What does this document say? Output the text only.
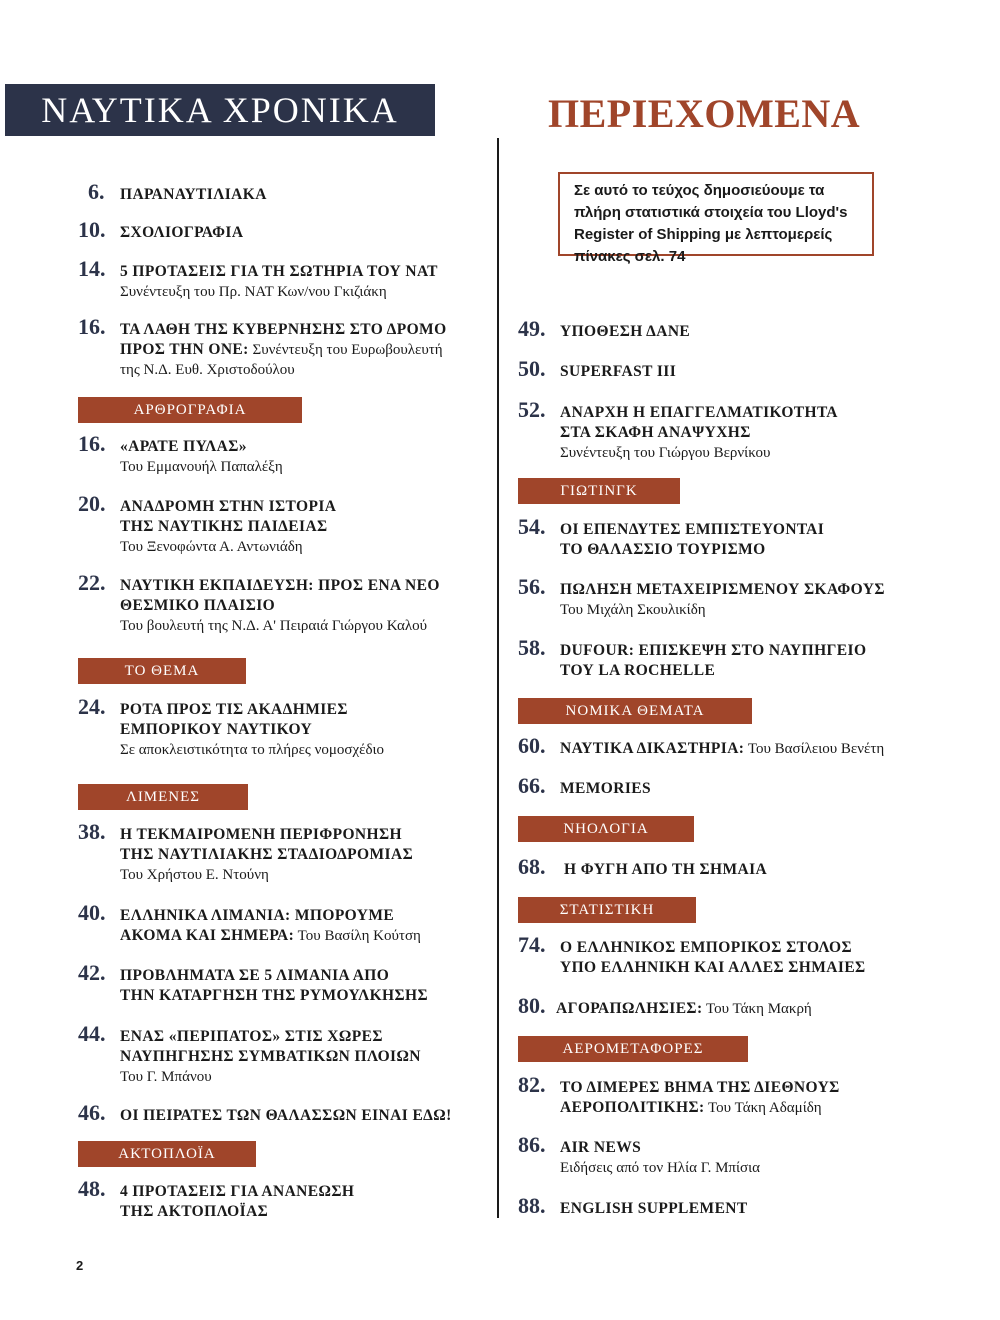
ΝΑΥΤΙΚΑ ΧΡΟΝΙΚΑ	ΠΕΡΙΕΧΟΜΕΝΑ
Σε αυτό το τεύχος δημοσιεύουμε τα πλήρη στατιστικά στοιχεία του Lloyd's Register of Shipping με λεπτομερείς πίνακες σελ. 74
6.	ΠΑΡΑΝΑΥΤΙΛΙΑΚΑ
10. ΣΧΟΛΙΟΓΡΑΦΙΑ
14. 5 ΠΡΟΤΑΣΕΙΣ ΓΙΑ ΤΗ ΣΩΤΗΡΙΑ ΤΟΥ ΝΑΤ
Συνέντευξη του Πρ. ΝΑΤ Κων/νου Γκιζιάκη
16. ΤΑ ΛΑΘΗ ΤΗΣ ΚΥΒΕΡΝΗΣΗΣ ΣΤΟ ΔΡΟΜΟ
ΠΡΟΣ ΤΗΝ ΟΝΕ: Συνέντευξη του Ευρωβουλευτή
της Ν.Δ. Ευθ. Χριστοδούλου
ΑΡΘΡΟΓΡΑΦΙΑ
16. «ΑΡΑΤΕ ΠΥΛΑΣ»
Του Εμμανουήλ Παπαλέξη
20. ΑΝΑΔΡΟΜΗ ΣΤΗΝ ΙΣΤΟΡΙΑ
ΤΗΣ ΝΑΥΤΙΚΗΣ ΠΑΙΔΕΙΑΣ
Του Ξενοφώντα Α. Αντωνιάδη
22. ΝΑΥΤΙΚΗ ΕΚΠΑΙΔΕΥΣΗ: ΠΡΟΣ ΕΝΑ ΝΕΟ
ΘΕΣΜΙΚΟ ΠΛΑΙΣΙΟ
Του βουλευτή της Ν.Δ. Α' Πειραιά Γιώργου Καλού
ΤΟ ΘΕΜΑ
24. ΡΟΤΑ ΠΡΟΣ ΤΙΣ ΑΚΑΔΗΜΙΕΣ
ΕΜΠΟΡΙΚΟΥ ΝΑΥΤΙΚΟΥ
Σε αποκλειστικότητα το πλήρες νομοσχέδιο
ΛΙΜΕΝΕΣ
38. Η ΤΕΚΜΑΙΡΟΜΕΝΗ ΠΕΡΙΦΡΟΝΗΣΗ
ΤΗΣ ΝΑΥΤΙΛΙΑΚΗΣ ΣΤΑΔΙΟΔΡΟΜΙΑΣ
Του Χρήστου Ε. Ντούνη
40. ΕΛΛΗΝΙΚΑ ΛΙΜΑΝΙΑ: ΜΠΟΡΟΥΜΕ
ΑΚΟΜΑ ΚΑΙ ΣΗΜΕΡΑ: Του Βασίλη Κούτση
42. ΠΡΟΒΛΗΜΑΤΑ ΣΕ 5 ΛΙΜΑΝΙΑ ΑΠΟ
ΤΗΝ ΚΑΤΑΡΓΗΣΗ ΤΗΣ ΡΥΜΟΥΛΚΗΣΗΣ
44. ΕΝΑΣ «ΠΕΡΙΠΑΤΟΣ» ΣΤΙΣ ΧΩΡΕΣ
ΝΑΥΠΗΓΗΣΗΣ ΣΥΜΒΑΤΙΚΩΝ ΠΛΟΙΩΝ
Του Γ. Μπάνου
46. ΟΙ ΠΕΙΡΑΤΕΣ ΤΩΝ ΘΑΛΑΣΣΩΝ ΕΙΝΑΙ ΕΔΩ!
ΑΚΤΟΠΛΟΪΑ
48. 4 ΠΡΟΤΑΣΕΙΣ ΓΙΑ ΑΝΑΝΕΩΣΗ
ΤΗΣ ΑΚΤΟΠΛΟΪΑΣ
49. ΥΠΟΘΕΣΗ ΔΑΝΕ
50. SUPERFAST III
52. ΑΝΑΡΧΗ Η ΕΠΑΓΓΕΛΜΑΤΙΚΟΤΗΤΑ
ΣΤΑ ΣΚΑΦΗ ΑΝΑΨΥΧΗΣ
Συνέντευξη του Γιώργου Βερνίκου
ΓΙΩΤΙΝΓΚ
54. ΟΙ ΕΠΕΝΔΥΤΕΣ ΕΜΠΙΣΤΕΥΟΝΤΑΙ
ΤΟ ΘΑΛΑΣΣΙΟ ΤΟΥΡΙΣΜΟ
56. ΠΩΛΗΣΗ ΜΕΤΑΧΕΙΡΙΣΜΕΝΟΥ ΣΚΑΦΟΥΣ
Του Μιχάλη Σκουλικίδη
58. DUFOUR: ΕΠΙΣΚΕΨΗ ΣΤΟ ΝΑΥΠΗΓΕΙΟ
ΤΟΥ LA ROCHELLE
ΝΟΜΙΚΑ ΘΕΜΑΤΑ
60. ΝΑΥΤΙΚΑ ΔΙΚΑΣΤΗΡΙΑ: Του Βασίλειου Βενέτη
66. MEMORIES
ΝΗΟΛΟΓΙΑ
68.	Η ΦΥΓΗ ΑΠΟ ΤΗ ΣΗΜΑΙΑ
ΣΤΑΤΙΣΤΙΚΗ
74. Ο ΕΛΛΗΝΙΚΟΣ ΕΜΠΟΡΙΚΟΣ ΣΤΟΛΟΣ
ΥΠΟ ΕΛΛΗΝΙΚΗ ΚΑΙ ΑΛΛΕΣ ΣΗΜΑΙΕΣ
80. ΑΓΟΡΑΠΩΛΗΣΙΕΣ: Του Τάκη Μακρή
ΑΕΡΟΜΕΤΑΦΟΡΕΣ
82. ΤΟ ΔΙΜΕΡΕΣ ΒΗΜΑ ΤΗΣ ΔΙΕΘΝΟΥΣ
ΑΕΡΟΠΟΛΙΤΙΚΗΣ: Του Τάκη Αδαμίδη
86. AIR NEWS
Ειδήσεις από τον Ηλία Γ. Μπίσια
88. ENGLISH SUPPLEMENT
2
